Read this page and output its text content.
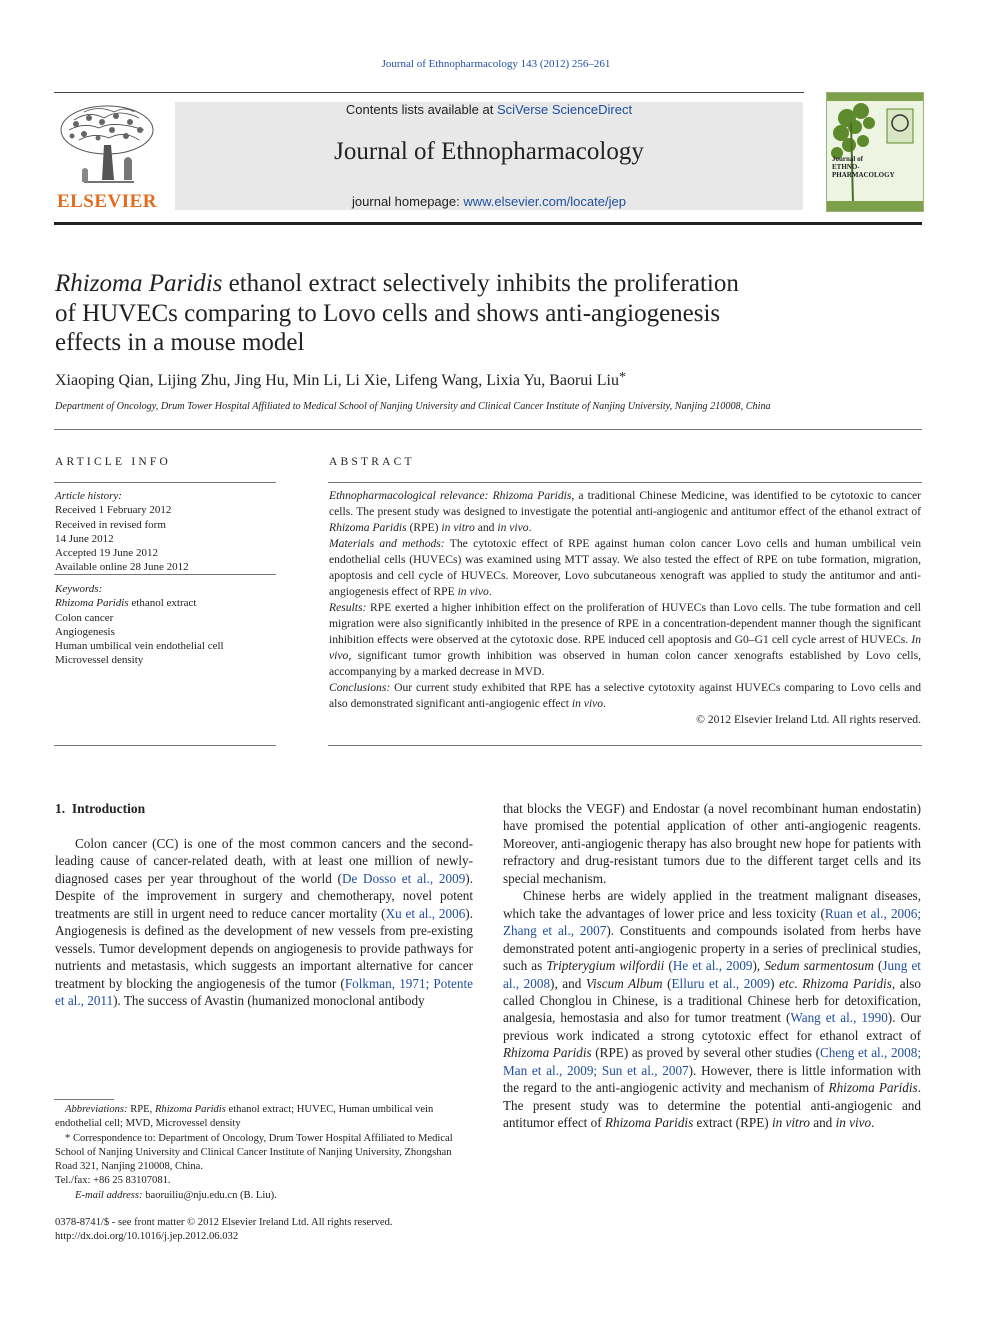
Journal of Ethnopharmacology 143 (2012) 256–261
ELSEVIER
Contents lists available at SciVerse ScienceDirect
Journal of Ethnopharmacology
journal homepage: www.elsevier.com/locate/jep
Journal of
ETHNO-
PHARMACOLOGY
Rhizoma Paridis ethanol extract selectively inhibits the proliferation
of HUVECs comparing to Lovo cells and shows anti-angiogenesis
effects in a mouse model
Xiaoping Qian, Lijing Zhu, Jing Hu, Min Li, Li Xie, Lifeng Wang, Lixia Yu, Baorui Liu*
Department of Oncology, Drum Tower Hospital Affiliated to Medical School of Nanjing University and Clinical Cancer Institute of Nanjing University, Nanjing 210008, China
ARTICLE INFO
Article history:
Received 1 February 2012
Received in revised form
14 June 2012
Accepted 19 June 2012
Available online 28 June 2012
Keywords:
Rhizoma Paridis ethanol extract
Colon cancer
Angiogenesis
Human umbilical vein endothelial cell
Microvessel density
ABSTRACT

Ethnopharmacological relevance: Rhizoma Paridis, a traditional Chinese Medicine, was identified to be cytotoxic to cancer cells. The present study was designed to investigate the potential anti-angiogenic and antitumor effect of the ethanol extract of Rhizoma Paridis (RPE) in vitro and in vivo.

Materials and methods: The cytotoxic effect of RPE against human colon cancer Lovo cells and human umbilical vein endothelial cells (HUVECs) was examined using MTT assay. We also tested the effect of RPE on tube formation, migration, apoptosis and cell cycle of HUVECs. Moreover, Lovo subcutaneous xenograft was applied to study the antitumor and anti-angiogenesis effect of RPE in vivo.

Results: RPE exerted a higher inhibition effect on the proliferation of HUVECs than Lovo cells. The tube formation and cell migration were also significantly inhibited in the presence of RPE in a concentration-dependent manner though the significant inhibition effects were observed at the cytotoxic dose. RPE induced cell apoptosis and G0–G1 cell cycle arrest of HUVECs. In vivo, significant tumor growth inhibition was observed in human colon cancer xenografts established by Lovo cells, accompanying by a marked decrease in MVD.

Conclusions: Our current study exhibited that RPE has a selective cytotoxity against HUVECs comparing to Lovo cells and also demonstrated significant anti-angiogenic effect in vivo.

© 2012 Elsevier Ireland Ltd. All rights reserved.

1. Introduction

Colon cancer (CC) is one of the most common cancers and the second-leading cause of cancer-related death, with at least one million of newly-diagnosed cases per year throughout of the world (De Dosso et al., 2009). Despite of the improvement in surgery and chemotherapy, novel potent treatments are still in urgent need to reduce cancer mortality (Xu et al., 2006). Angiogenesis is defined as the development of new vessels from pre-existing vessels. Tumor development depends on angiogenesis to provide pathways for nutrients and metastasis, which suggests an important alternative for cancer treatment by blocking the angiogenesis of the tumor (Folkman, 1971; Potente et al., 2011). The success of Avastin (humanized monoclonal antibody

that blocks the VEGF) and Endostar (a novel recombinant human endostatin) have promised the potential application of other anti-angiogenic reagents. Moreover, anti-angiogenic therapy has also brought new hope for patients with refractory and drug-resistant tumors due to the different target cells and its special mechanism.

Chinese herbs are widely applied in the treatment malignant diseases, which take the advantages of lower price and less toxicity (Ruan et al., 2006; Zhang et al., 2007). Constituents and compounds isolated from herbs have demonstrated potent anti-angiogenic property in a series of preclinical studies, such as Tripterygium wilfordii (He et al., 2009), Sedum sarmentosum (Jung et al., 2008), and Viscum Album (Elluru et al., 2009) etc. Rhizoma Paridis, also called Chonglou in Chinese, is a traditional Chinese herb for detoxification, analgesia, hemostasia and also for tumor treatment (Wang et al., 1990). Our previous work indicated a strong cytotoxic effect for ethanol extract of Rhizoma Paridis (RPE) as proved by several other studies (Cheng et al., 2008; Man et al., 2009; Sun et al., 2007). However, there is little information with the regard to the anti-angiogenic activity and mechanism of Rhizoma Paridis. The present study was to determine the potential anti-angiogenic and antitumor effect of Rhizoma Paridis extract (RPE) in vitro and in vivo.

Abbreviations: RPE, Rhizoma Paridis ethanol extract; HUVEC, Human umbilical vein endothelial cell; MVD, Microvessel density

* Correspondence to: Department of Oncology, Drum Tower Hospital Affiliated to Medical School of Nanjing University and Clinical Cancer Institute of Nanjing University, Zhongshan Road 321, Nanjing 210008, China.

Tel./fax: +86 25 83107081.

E-mail address: baoruiliu@nju.edu.cn (B. Liu).

0378-8741/$ - see front matter © 2012 Elsevier Ireland Ltd. All rights reserved.

http://dx.doi.org/10.1016/j.jep.2012.06.032
